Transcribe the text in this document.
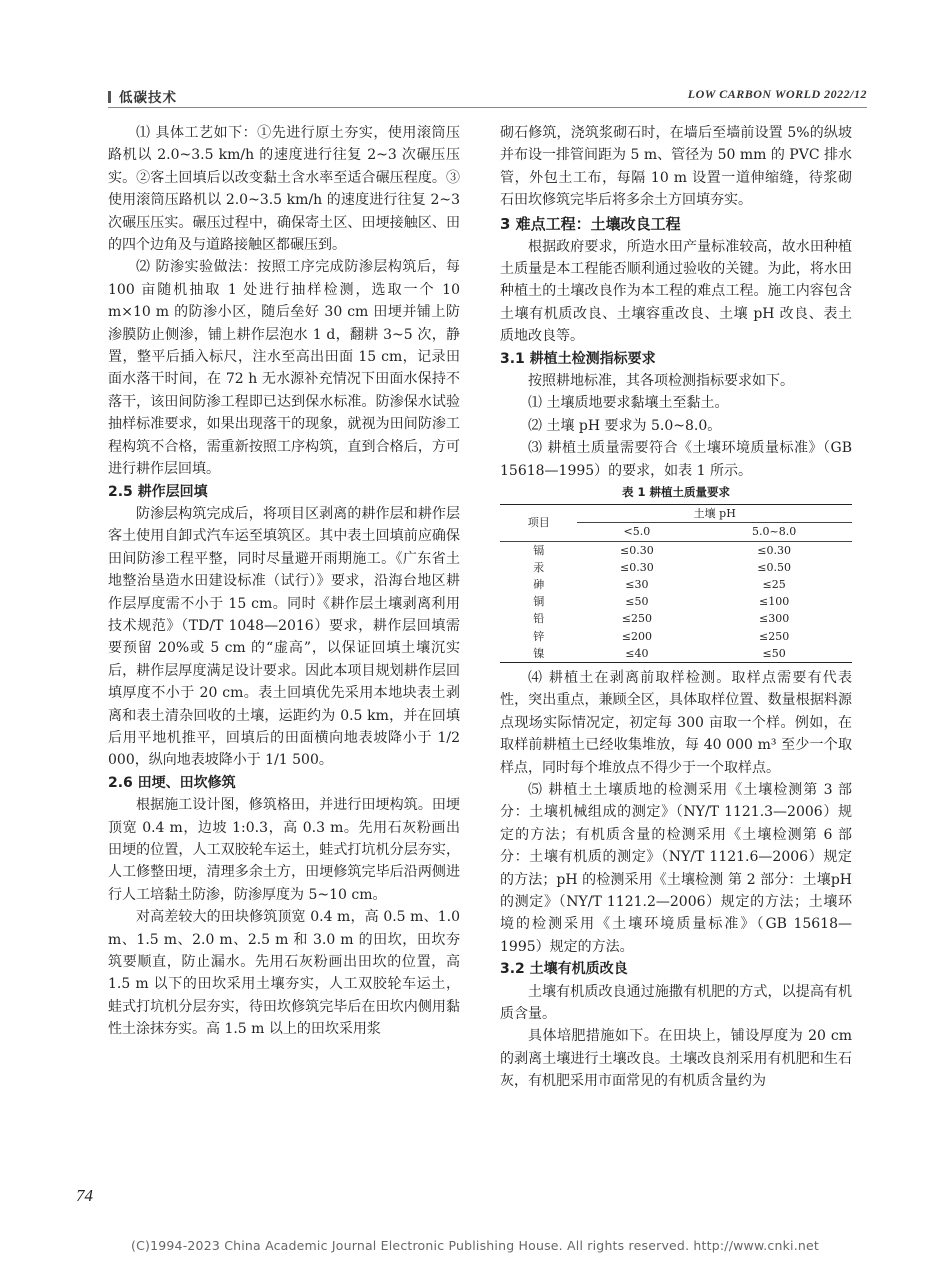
低碳技术	LOW CARBON WORLD 2022/12

⑴ 具体工艺如下：①先进行原土夯实，使用滚筒压路机以 2.0~3.5 km/h 的速度进行往复 2~3 次碾压压实。②客土回填后以改变黏土含水率至适合碾压程度。③使用滚筒压路机以 2.0~3.5 km/h 的速度进行往复 2~3 次碾压压实。碾压过程中，确保寄土区、田埂接触区、田的四个边角及与道路接触区都碾压到。

⑵ 防渗实验做法：按照工序完成防渗层构筑后，每 100 亩随机抽取 1 处进行抽样检测，选取一个 10 m×10 m 的防渗小区，随后垒好 30 cm 田埂并铺上防渗膜防止侧渗，铺上耕作层泡水 1 d，翻耕 3~5 次，静置，整平后插入标尺，注水至高出田面 15 cm，记录田面水落干时间，在 72 h 无水源补充情况下田面水保持不落干，该田间防渗工程即已达到保水标准。防渗保水试验抽样标准要求，如果出现落干的现象，就视为田间防渗工程构筑不合格，需重新按照工序构筑，直到合格后，方可进行耕作层回填。

2.5 耕作层回填

防渗层构筑完成后，将项目区剥离的耕作层和耕作层客土使用自卸式汽车运至填筑区。其中表土回填前应确保田间防渗工程平整，同时尽量避开雨期施工。《广东省土地整治垦造水田建设标准（试行）》要求，沿海台地区耕作层厚度需不小于 15 cm。同时《耕作层土壤剥离利用技术规范》（TD/T 1048—2016）要求，耕作层回填需要预留 20%或 5 cm 的“虚高”，以保证回填土壤沉实后，耕作层厚度满足设计要求。因此本项目规划耕作层回填厚度不小于 20 cm。表土回填优先采用本地块表土剥离和表土清杂回收的土壤，运距约为 0.5 km，并在回填后用平地机推平，回填后的田面横向地表坡降小于 1/2 000，纵向地表坡降小于 1/1 500。

2.6 田埂、田坎修筑

根据施工设计图，修筑格田，并进行田埂构筑。田埂顶宽 0.4 m，边坡 1:0.3，高 0.3 m。先用石灰粉画出田埂的位置，人工双胶轮车运土，蛙式打坑机分层夯实，人工修整田埂，清理多余土方，田埂修筑完毕后沿两侧进行人工培黏土防渗，防渗厚度为 5~10 cm。

对高差较大的田块修筑顶宽 0.4 m，高 0.5 m、1.0 m、1.5 m、2.0 m、2.5 m 和 3.0 m 的田坎，田坎夯筑要顺直，防止漏水。先用石灰粉画出田坎的位置，高 1.5 m 以下的田坎采用土壤夯实，人工双胶轮车运土，蛙式打坑机分层夯实，待田坎修筑完毕后在田坎内侧用黏性土涂抹夯实。高 1.5 m 以上的田坎采用浆

砌石修筑，浇筑浆砌石时，在墙后至墙前设置 5%的纵坡并布设一排管间距为 5 m、管径为 50 mm 的 PVC 排水管，外包土工布，每隔 10 m 设置一道伸缩缝，待浆砌石田坎修筑完毕后将多余土方回填夯实。

3 难点工程：土壤改良工程

根据政府要求，所造水田产量标准较高，故水田种植土质量是本工程能否顺利通过验收的关键。为此，将水田种植土的土壤改良作为本工程的难点工程。施工内容包含土壤有机质改良、土壤容重改良、土壤 pH 改良、表土质地改良等。

3.1 耕植土检测指标要求

按照耕地标准，其各项检测指标要求如下。

⑴ 土壤质地要求黏壤土至黏土。

⑵ 土壤 pH 要求为 5.0~8.0。

⑶ 耕植土质量需要符合《土壤环境质量标准》（GB 15618—1995）的要求，如表 1 所示。

表 1 耕植土质量要求
项目	土壤 pH	
	<5.0	5.0~8.0
镉	≤0.30	≤0.30
汞	≤0.30	≤0.50
砷	≤30	≤25
铜	≤50	≤100
铅	≤250	≤300
锌	≤200	≤250
镍	≤40	≤50

⑷ 耕植土在剥离前取样检测。取样点需要有代表性，突出重点，兼顾全区，具体取样位置、数量根据料源点现场实际情况定，初定每 300 亩取一个样。例如，在取样前耕植土已经收集堆放，每 40 000 m³ 至少一个取样点，同时每个堆放点不得少于一个取样点。

⑸ 耕植土土壤质地的检测采用《土壤检测第 3 部分：土壤机械组成的测定》（NY/T 1121.3—2006）规定的方法；有机质含量的检测采用《土壤检测第 6 部分：土壤有机质的测定》（NY/T 1121.6—2006）规定的方法；pH 的检测采用《土壤检测 第 2 部分：土壤pH 的测定》（NY/T 1121.2—2006）规定的方法；土壤环境的检测采用《土壤环境质量标准》（GB 15618—1995）规定的方法。

3.2 土壤有机质改良

土壤有机质改良通过施撒有机肥的方式，以提高有机质含量。

具体培肥措施如下。在田块上，铺设厚度为 20 cm 的剥离土壤进行土壤改良。土壤改良剂采用有机肥和生石灰，有机肥采用市面常见的有机质含量约为

74
(C)1994-2023 China Academic Journal Electronic Publishing House. All rights reserved. http://www.cnki.net
